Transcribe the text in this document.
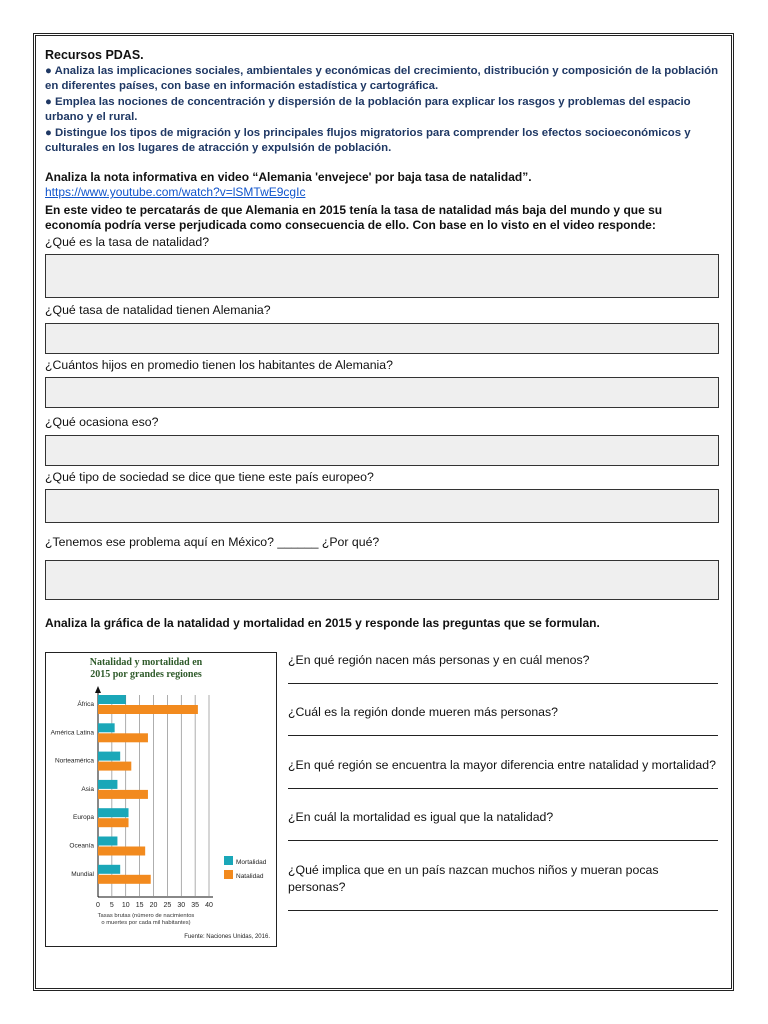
Recursos PDAS.
● Analiza las implicaciones sociales, ambientales y económicas del crecimiento, distribución y composición de la población en diferentes países, con base en información estadística y cartográfica.
● Emplea las nociones de concentración y dispersión de la población para explicar los rasgos y problemas del espacio urbano y el rural.
● Distingue los tipos de migración y los principales flujos migratorios para comprender los efectos socioeconómicos y culturales en los lugares de atracción y expulsión de población.
Analiza la nota informativa en video “Alemania 'envejece' por baja tasa de natalidad”.
https://www.youtube.com/watch?v=lSMTwE9cgIc
En este video te percatarás de que Alemania en 2015 tenía la tasa de natalidad más baja del mundo y que su economía podría verse perjudicada como consecuencia de ello. Con base en lo visto en el video responde:
¿Qué es la tasa de natalidad?
¿Qué tasa de natalidad tienen Alemania?
¿Cuántos hijos en promedio tienen los habitantes de Alemania?
¿Qué ocasiona eso?
¿Qué tipo de sociedad se dice que tiene este país europeo?
¿Tenemos ese problema aquí en México? ______ ¿Por qué?
Analiza la gráfica de la natalidad y mortalidad en 2015 y responde las preguntas que se formulan.
Natalidad y mortalidad en 2015 por grandes regiones
0 5 10 15 20 25 30 35 40
África
América Latina
Norteamérica
Asia
Europa
Oceanía
Mundial
Mortalidad
Natalidad
Tasas brutas (número de nacimientos
o muertes por cada mil habitantes)
Fuente: Naciones Unidas, 2016.
¿En qué región nacen más personas y en cuál menos?
¿Cuál es la región donde mueren más personas?
¿En qué región se encuentra la mayor diferencia entre natalidad y mortalidad?
¿En cuál la mortalidad es igual que la natalidad?
¿Qué implica que en un país nazcan muchos niños y mueran pocas personas?
